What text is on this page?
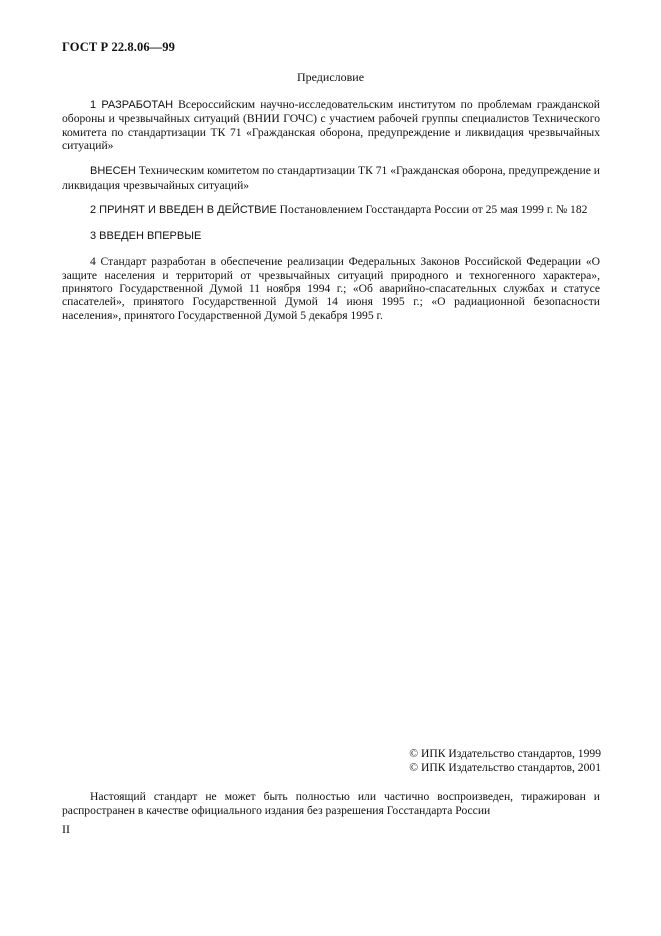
ГОСТ Р 22.8.06—99
Предисловие

1 РАЗРАБОТАН Всероссийским научно-исследовательским институтом по проблемам гражданской обороны и чрезвычайных ситуаций (ВНИИ ГОЧС) с участием рабочей группы специалистов Технического комитета по стандартизации ТК 71 «Гражданская оборона, предупреждение и ликвидация чрезвычайных ситуаций»

ВНЕСЕН Техническим комитетом по стандартизации ТК 71 «Гражданская оборона, предупреждение и ликвидация чрезвычайных ситуаций»

2 ПРИНЯТ И ВВЕДЕН В ДЕЙСТВИЕ Постановлением Госстандарта России от 25 мая 1999 г. № 182

3 ВВЕДЕН ВПЕРВЫЕ

4 Стандарт разработан в обеспечение реализации Федеральных Законов Российской Федерации «О защите населения и территорий от чрезвычайных ситуаций природного и техногенного характера», принятого Государственной Думой 11 ноября 1994 г.; «Об аварийно-спасательных службах и статусе спасателей», принятого Государственной Думой 14 июня 1995 г.; «О радиационной безопасности населения», принятого Государственной Думой 5 декабря 1995 г.

© ИПК Издательство стандартов, 1999
© ИПК Издательство стандартов, 2001

Настоящий стандарт не может быть полностью или частично воспроизведен, тиражирован и распространен в качестве официального издания без разрешения Госстандарта России

II
